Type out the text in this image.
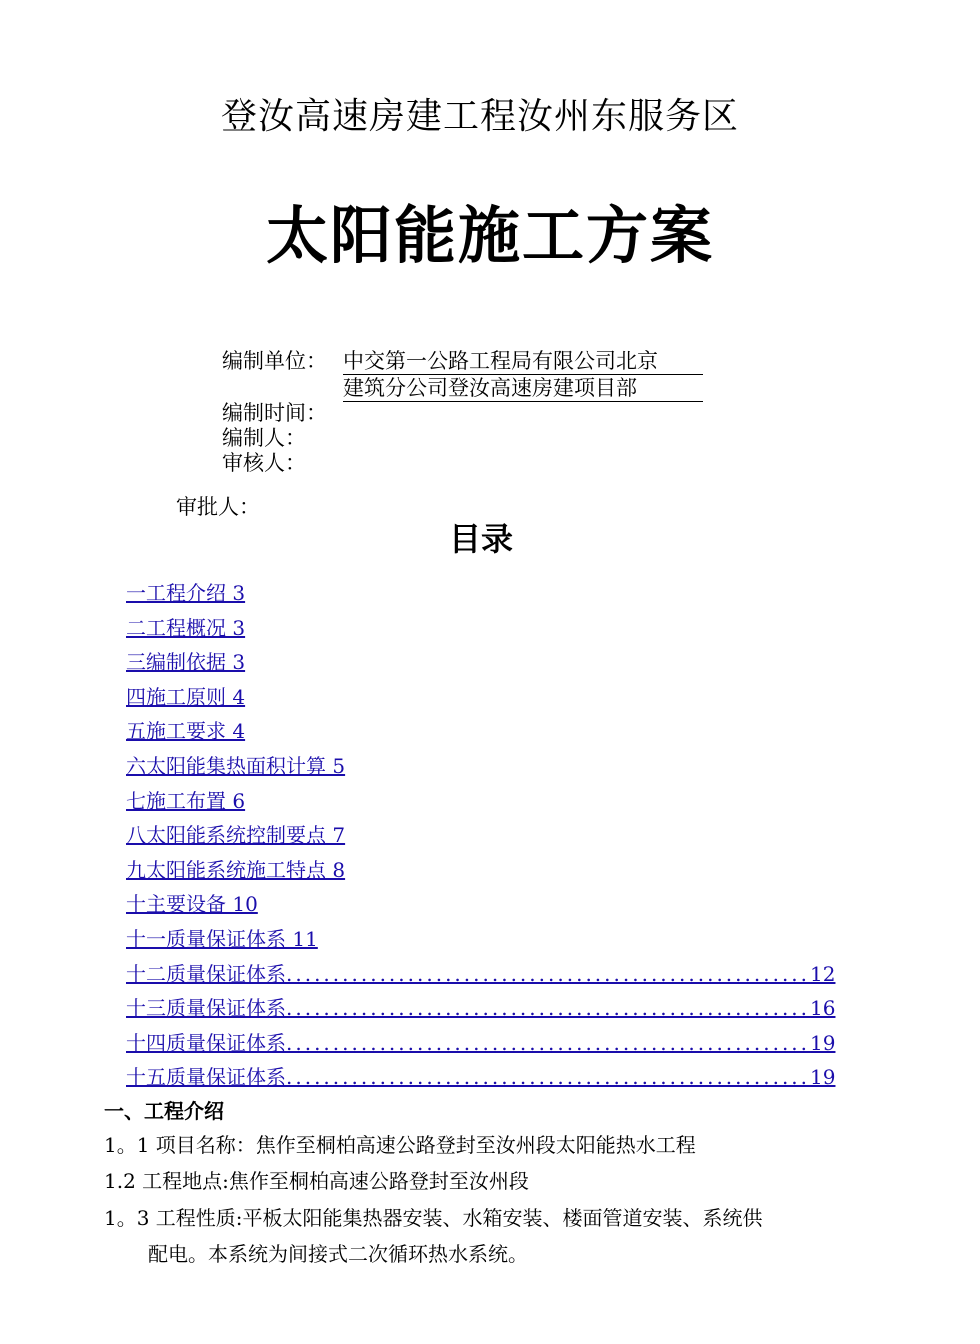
登汝高速房建工程汝州东服务区
太阳能施工方案
编制单位： 中交第一公路工程局有限公司北京
建筑分公司登汝高速房建项目部
编制时间：
编制人：
审核人：
审批人：
目录
一工程介绍 3
二工程概况 3
三编制依据 3
四施工原则 4
五施工要求 4
六太阳能集热面积计算 5
七施工布置 6
八太阳能系统控制要点 7
九太阳能系统施工特点 8
十主要设备 10
十一质量保证体系 11
十二质量保证体系 ........................................................ 12
十三质量保证体系 ........................................................ 16
十四质量保证体系 ........................................................ 19
十五质量保证体系 ........................................................ 19
一、工程介绍
1。1 项目名称：焦作至桐柏高速公路登封至汝州段太阳能热水工程
1.2 工程地点:焦作至桐柏高速公路登封至汝州段
1。3 工程性质:平板太阳能集热器安装、水箱安装、楼面管道安装、系统供
配电。本系统为间接式二次循环热水系统。
